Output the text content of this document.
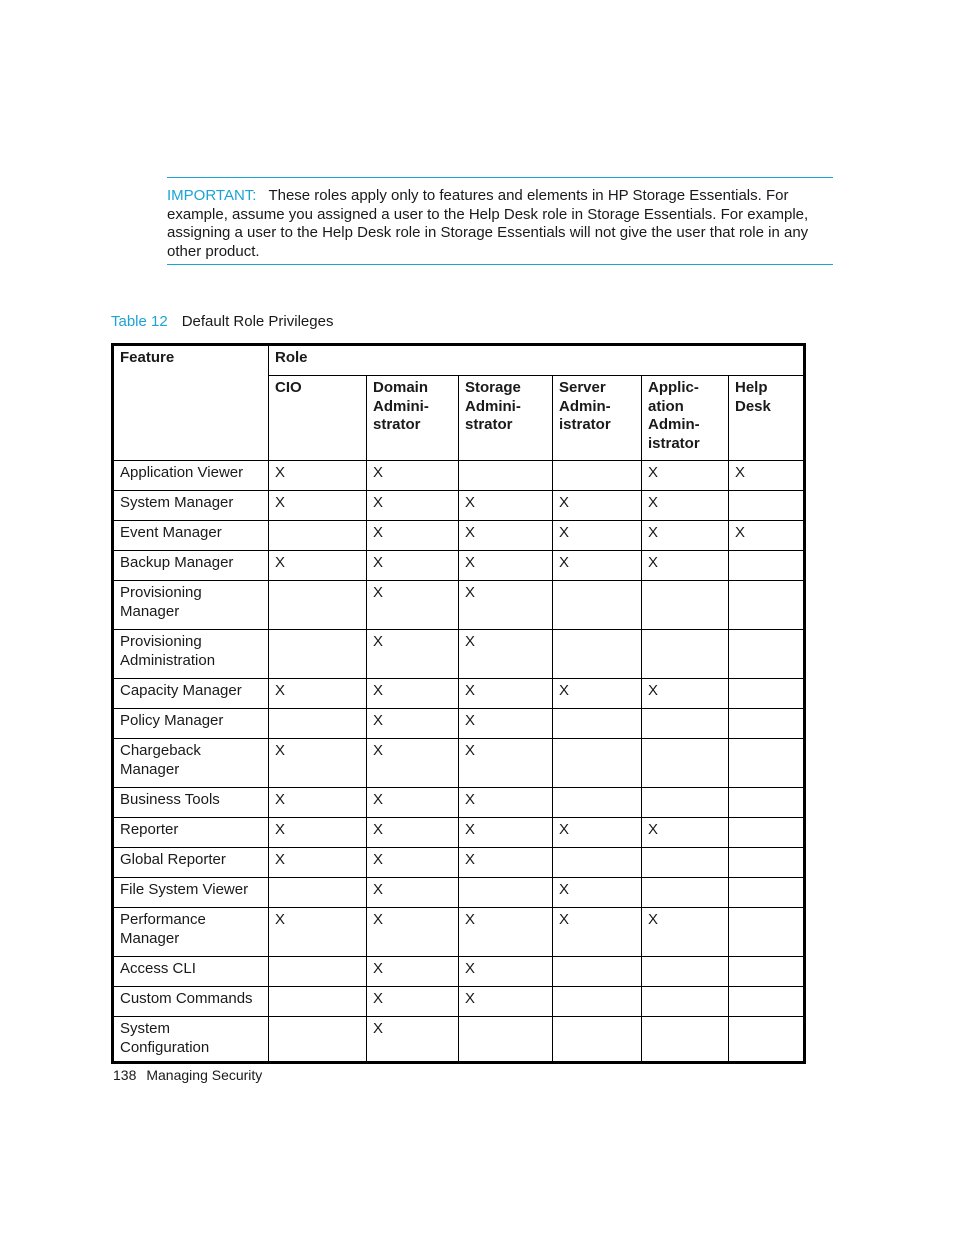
IMPORTANT: These roles apply only to features and elements in HP Storage Essentials. For example, assume you assigned a user to the Help Desk role in Storage Essentials. For example, assigning a user to the Help Desk role in Storage Essentials will not give the user that role in any other product.
Table 12 Default Role Privileges
Feature	Role					
	CIO	Domain Admini- strator	Storage Admini- strator	Server Admin- istrator	Applic- ation Admin- istrator	Help Desk
Application Viewer	X	X			X	X
System Manager	X	X	X	X	X	
Event Manager		X	X	X	X	X
Backup Manager	X	X	X	X	X	
Provisioning Manager		X	X			
Provisioning Administration		X	X			
Capacity Manager	X	X	X	X	X	
Policy Manager		X	X			
Chargeback Manager	X	X	X			
Business Tools	X	X	X			
Reporter	X	X	X	X	X	
Global Reporter	X	X	X			
File System Viewer		X		X		
Performance Manager	X	X	X	X	X	
Access CLI		X	X			
Custom Commands		X	X			
System Configuration		X				
138 Managing Security
